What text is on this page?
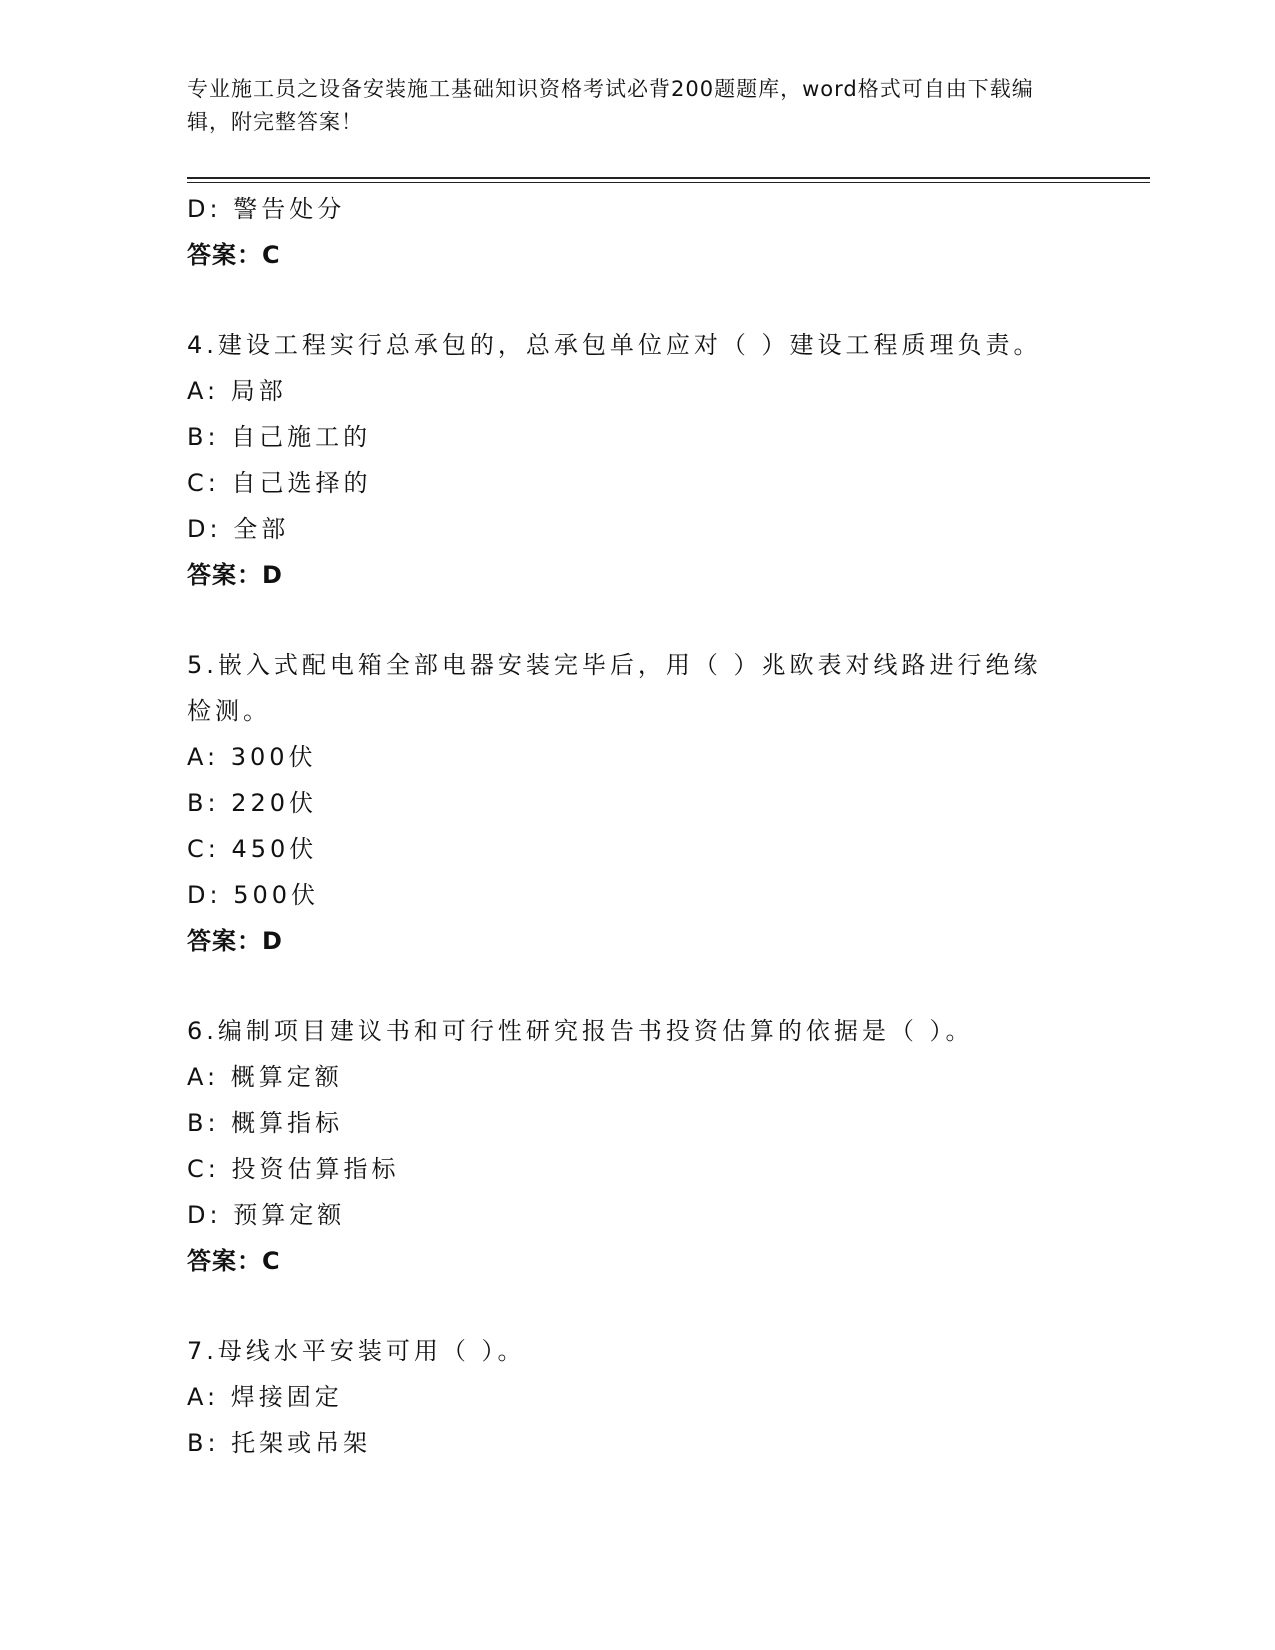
专业施工员之设备安装施工基础知识资格考试必背200题题库，word格式可自由下载编辑，附完整答案！
D: 警告处分
答案：C
4.建设工程实行总承包的，总承包单位应对（ ）建设工程质理负责。
A: 局部
B: 自己施工的
C: 自己选择的
D: 全部
答案：D
5.嵌入式配电箱全部电器安装完毕后，用（ ）兆欧表对线路进行绝缘检测。
A: 300伏
B: 220伏
C: 450伏
D: 500伏
答案：D
6.编制项目建议书和可行性研究报告书投资估算的依据是（ ）。
A: 概算定额
B: 概算指标
C: 投资估算指标
D: 预算定额
答案：C
7.母线水平安装可用（ ）。
A: 焊接固定
B: 托架或吊架
